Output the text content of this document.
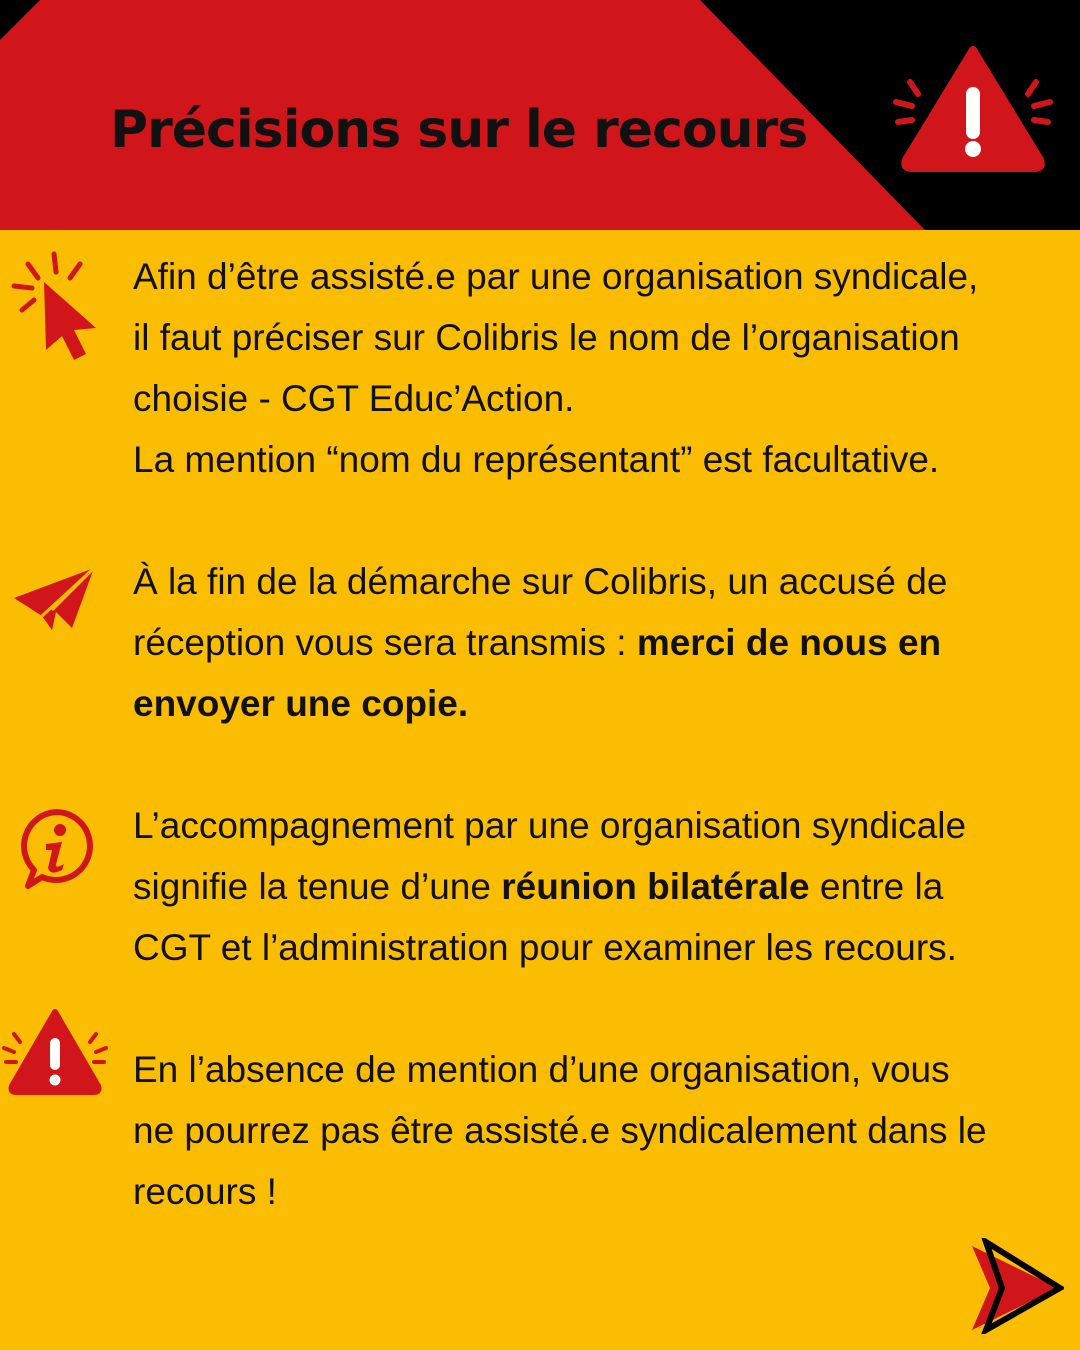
Précisions sur le recours

Afin d’être assisté.e par une organisation syndicale,
il faut préciser sur Colibris le nom de l’organisation
choisie - CGT Educ’Action.
La mention “nom du représentant” est facultative.

À la fin de la démarche sur Colibris, un accusé de
réception vous sera transmis : merci de nous en
envoyer une copie.

L’accompagnement par une organisation syndicale
signifie la tenue d’une réunion bilatérale entre la
CGT et l’administration pour examiner les recours.

En l’absence de mention d’une organisation, vous
ne pourrez pas être assisté.e syndicalement dans le
recours !
